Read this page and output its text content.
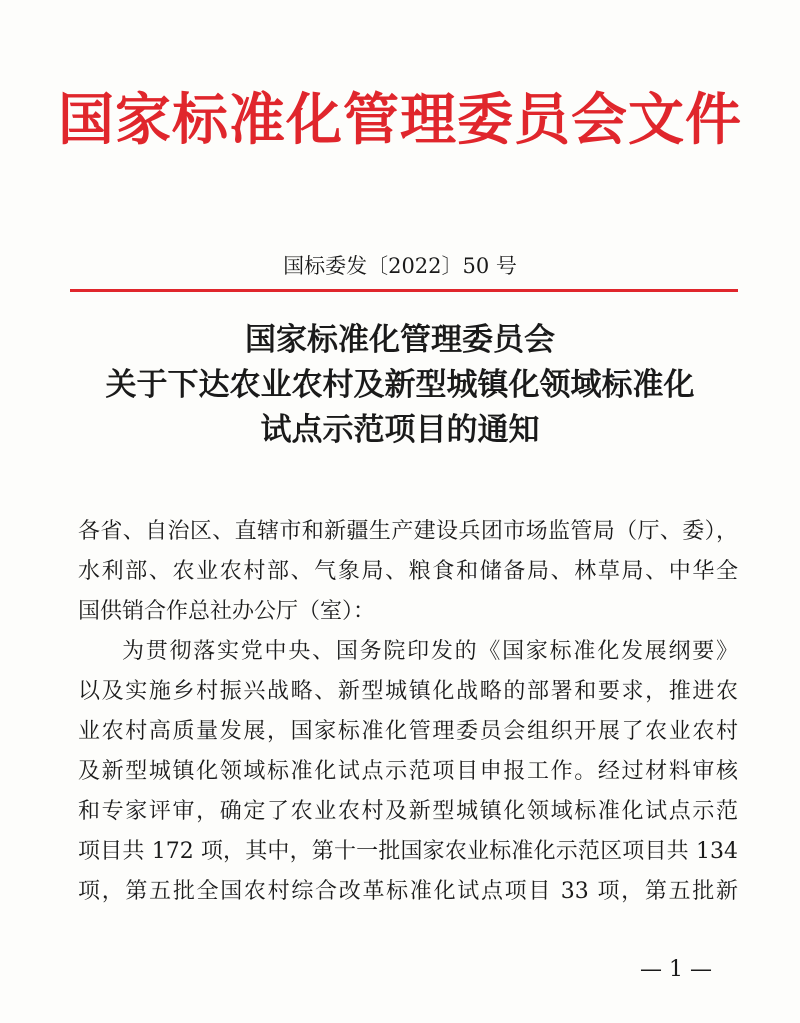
国家标准化管理委员会文件
国标委发〔2022〕50 号
国家标准化管理委员会
关于下达农业农村及新型城镇化领域标准化
试点示范项目的通知
各省、自治区、直辖市和新疆生产建设兵团市场监管局（厅、委），
水利部、农业农村部、气象局、粮食和储备局、林草局、中华全
国供销合作总社办公厅（室）：
为贯彻落实党中央、国务院印发的《国家标准化发展纲要》
以及实施乡村振兴战略、新型城镇化战略的部署和要求，推进农
业农村高质量发展，国家标准化管理委员会组织开展了农业农村
及新型城镇化领域标准化试点示范项目申报工作。经过材料审核
和专家评审，确定了农业农村及新型城镇化领域标准化试点示范
项目共 172 项，其中，第十一批国家农业标准化示范区项目共 134
项，第五批全国农村综合改革标准化试点项目 33 项，第五批新
— 1 —
